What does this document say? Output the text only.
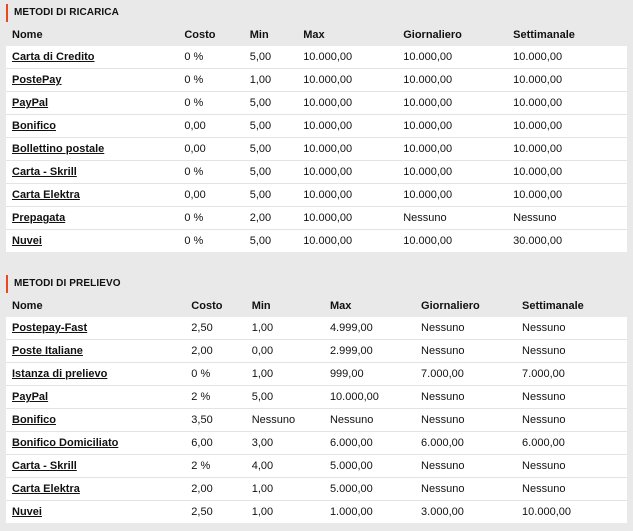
METODI DI RICARICA
Nome	Costo	Min	Max	Giornaliero	Settimanale
Carta di Credito	0 %	5,00	10.000,00	10.000,00	10.000,00
PostePay	0 %	1,00	10.000,00	10.000,00	10.000,00
PayPal	0 %	5,00	10.000,00	10.000,00	10.000,00
Bonifico	0,00	5,00	10.000,00	10.000,00	10.000,00
Bollettino postale	0,00	5,00	10.000,00	10.000,00	10.000,00
Carta - Skrill	0 %	5,00	10.000,00	10.000,00	10.000,00
Carta Elektra	0,00	5,00	10.000,00	10.000,00	10.000,00
Prepagata	0 %	2,00	10.000,00	Nessuno	Nessuno
Nuvei	0 %	5,00	10.000,00	10.000,00	30.000,00
METODI DI PRELIEVO
Nome	Costo	Min	Max	Giornaliero	Settimanale
Postepay-Fast	2,50	1,00	4.999,00	Nessuno	Nessuno
Poste Italiane	2,00	0,00	2.999,00	Nessuno	Nessuno
Istanza di prelievo	0 %	1,00	999,00	7.000,00	7.000,00
PayPal	2 %	5,00	10.000,00	Nessuno	Nessuno
Bonifico	3,50	Nessuno	Nessuno	Nessuno	Nessuno
Bonifico Domiciliato	6,00	3,00	6.000,00	6.000,00	6.000,00
Carta - Skrill	2 %	4,00	5.000,00	Nessuno	Nessuno
Carta Elektra	2,00	1,00	5.000,00	Nessuno	Nessuno
Nuvei	2,50	1,00	1.000,00	3.000,00	10.000,00
